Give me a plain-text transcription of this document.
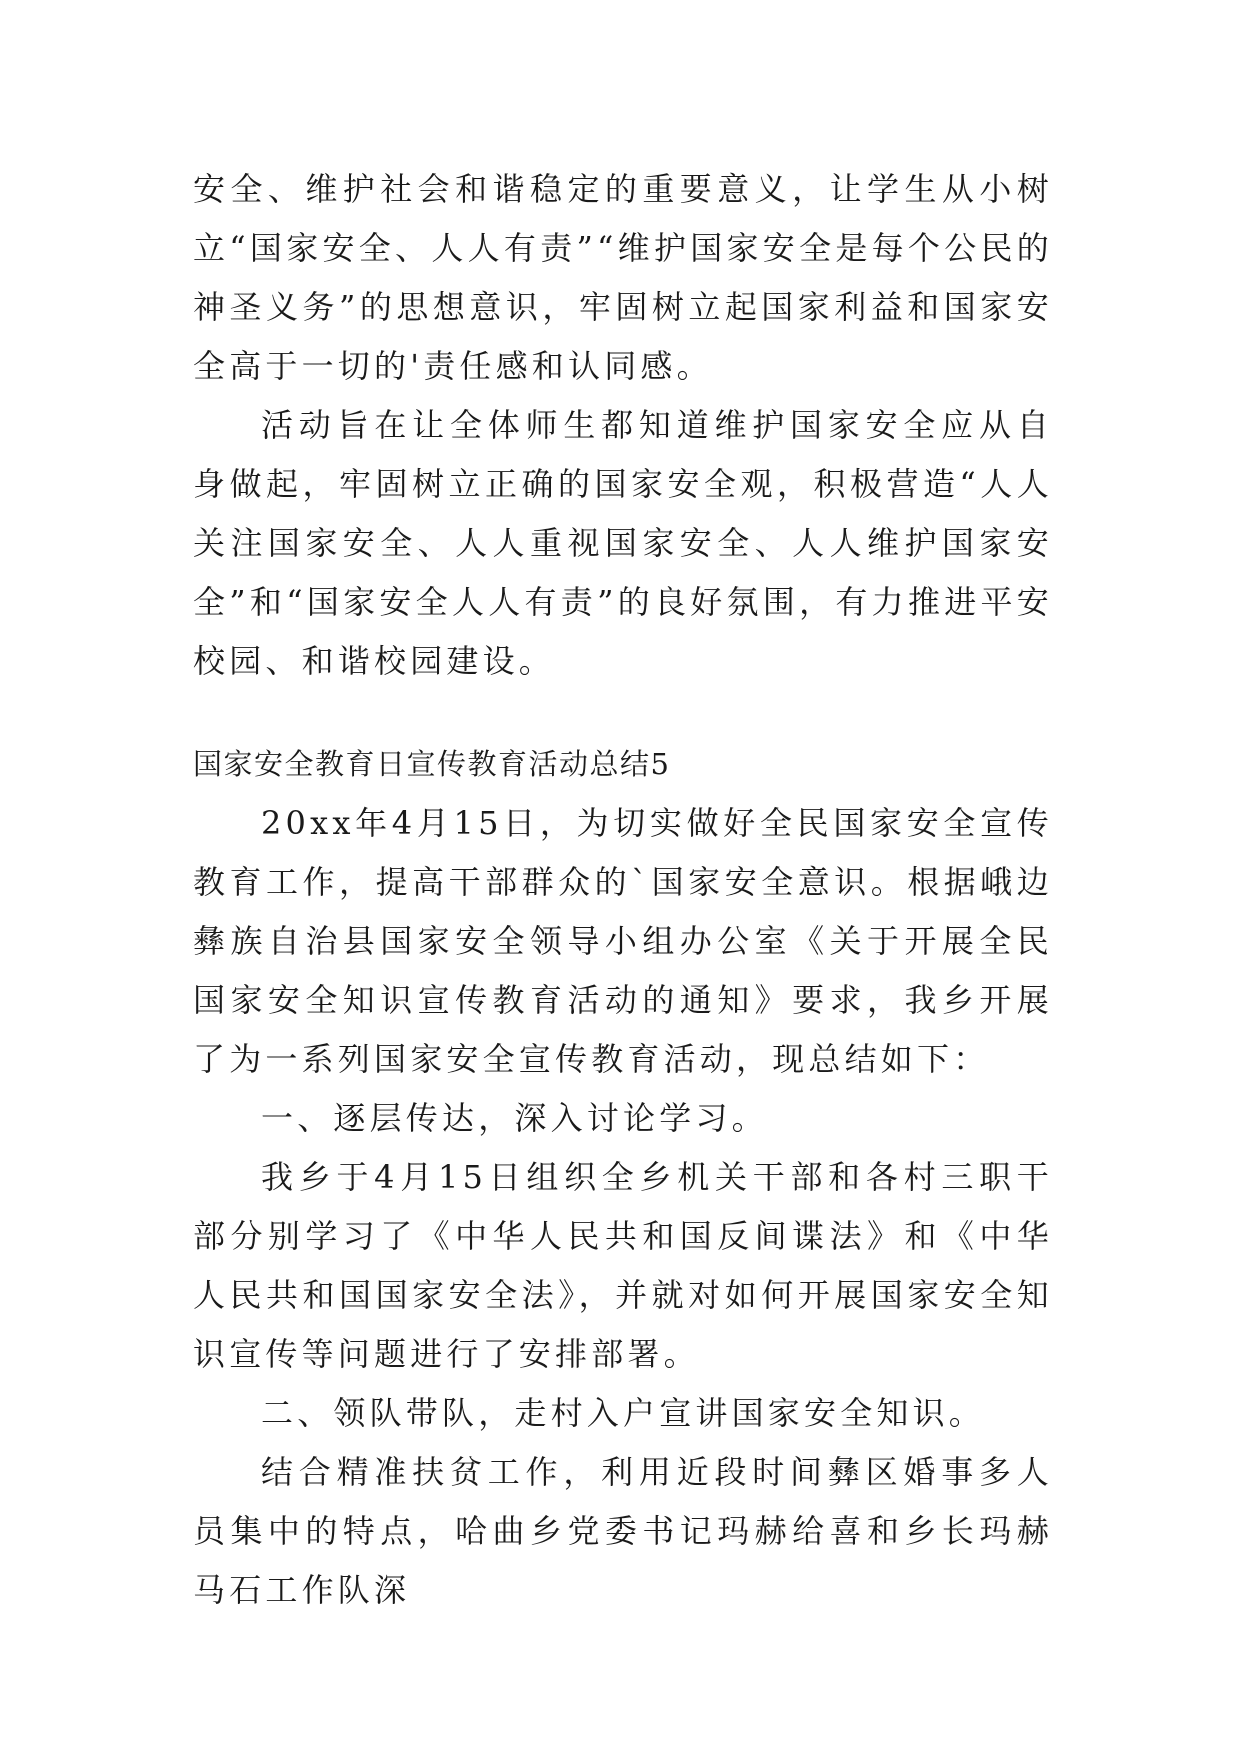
安全、维护社会和谐稳定的重要意义，让学生从小树立“国家安全、人人有责”“维护国家安全是每个公民的神圣义务”的思想意识，牢固树立起国家利益和国家安全高于一切的'责任感和认同感。

活动旨在让全体师生都知道维护国家安全应从自身做起，牢固树立正确的国家安全观，积极营造“人人关注国家安全、人人重视国家安全、人人维护国家安全”和“国家安全人人有责”的良好氛围，有力推进平安校园、和谐校园建设。

国家安全教育日宣传教育活动总结5

20xx年4月15日，为切实做好全民国家安全宣传教育工作，提高干部群众的`国家安全意识。根据峨边彝族自治县国家安全领导小组办公室《关于开展全民国家安全知识宣传教育活动的通知》要求，我乡开展了为一系列国家安全宣传教育活动，现总结如下：

一、逐层传达，深入讨论学习。

我乡于4月15日组织全乡机关干部和各村三职干部分别学习了《中华人民共和国反间谍法》和《中华人民共和国国家安全法》，并就对如何开展国家安全知识宣传等问题进行了安排部署。

二、领队带队，走村入户宣讲国家安全知识。

结合精准扶贫工作，利用近段时间彝区婚事多人员集中的特点，哈曲乡党委书记玛赫给喜和乡长玛赫马石工作队深
